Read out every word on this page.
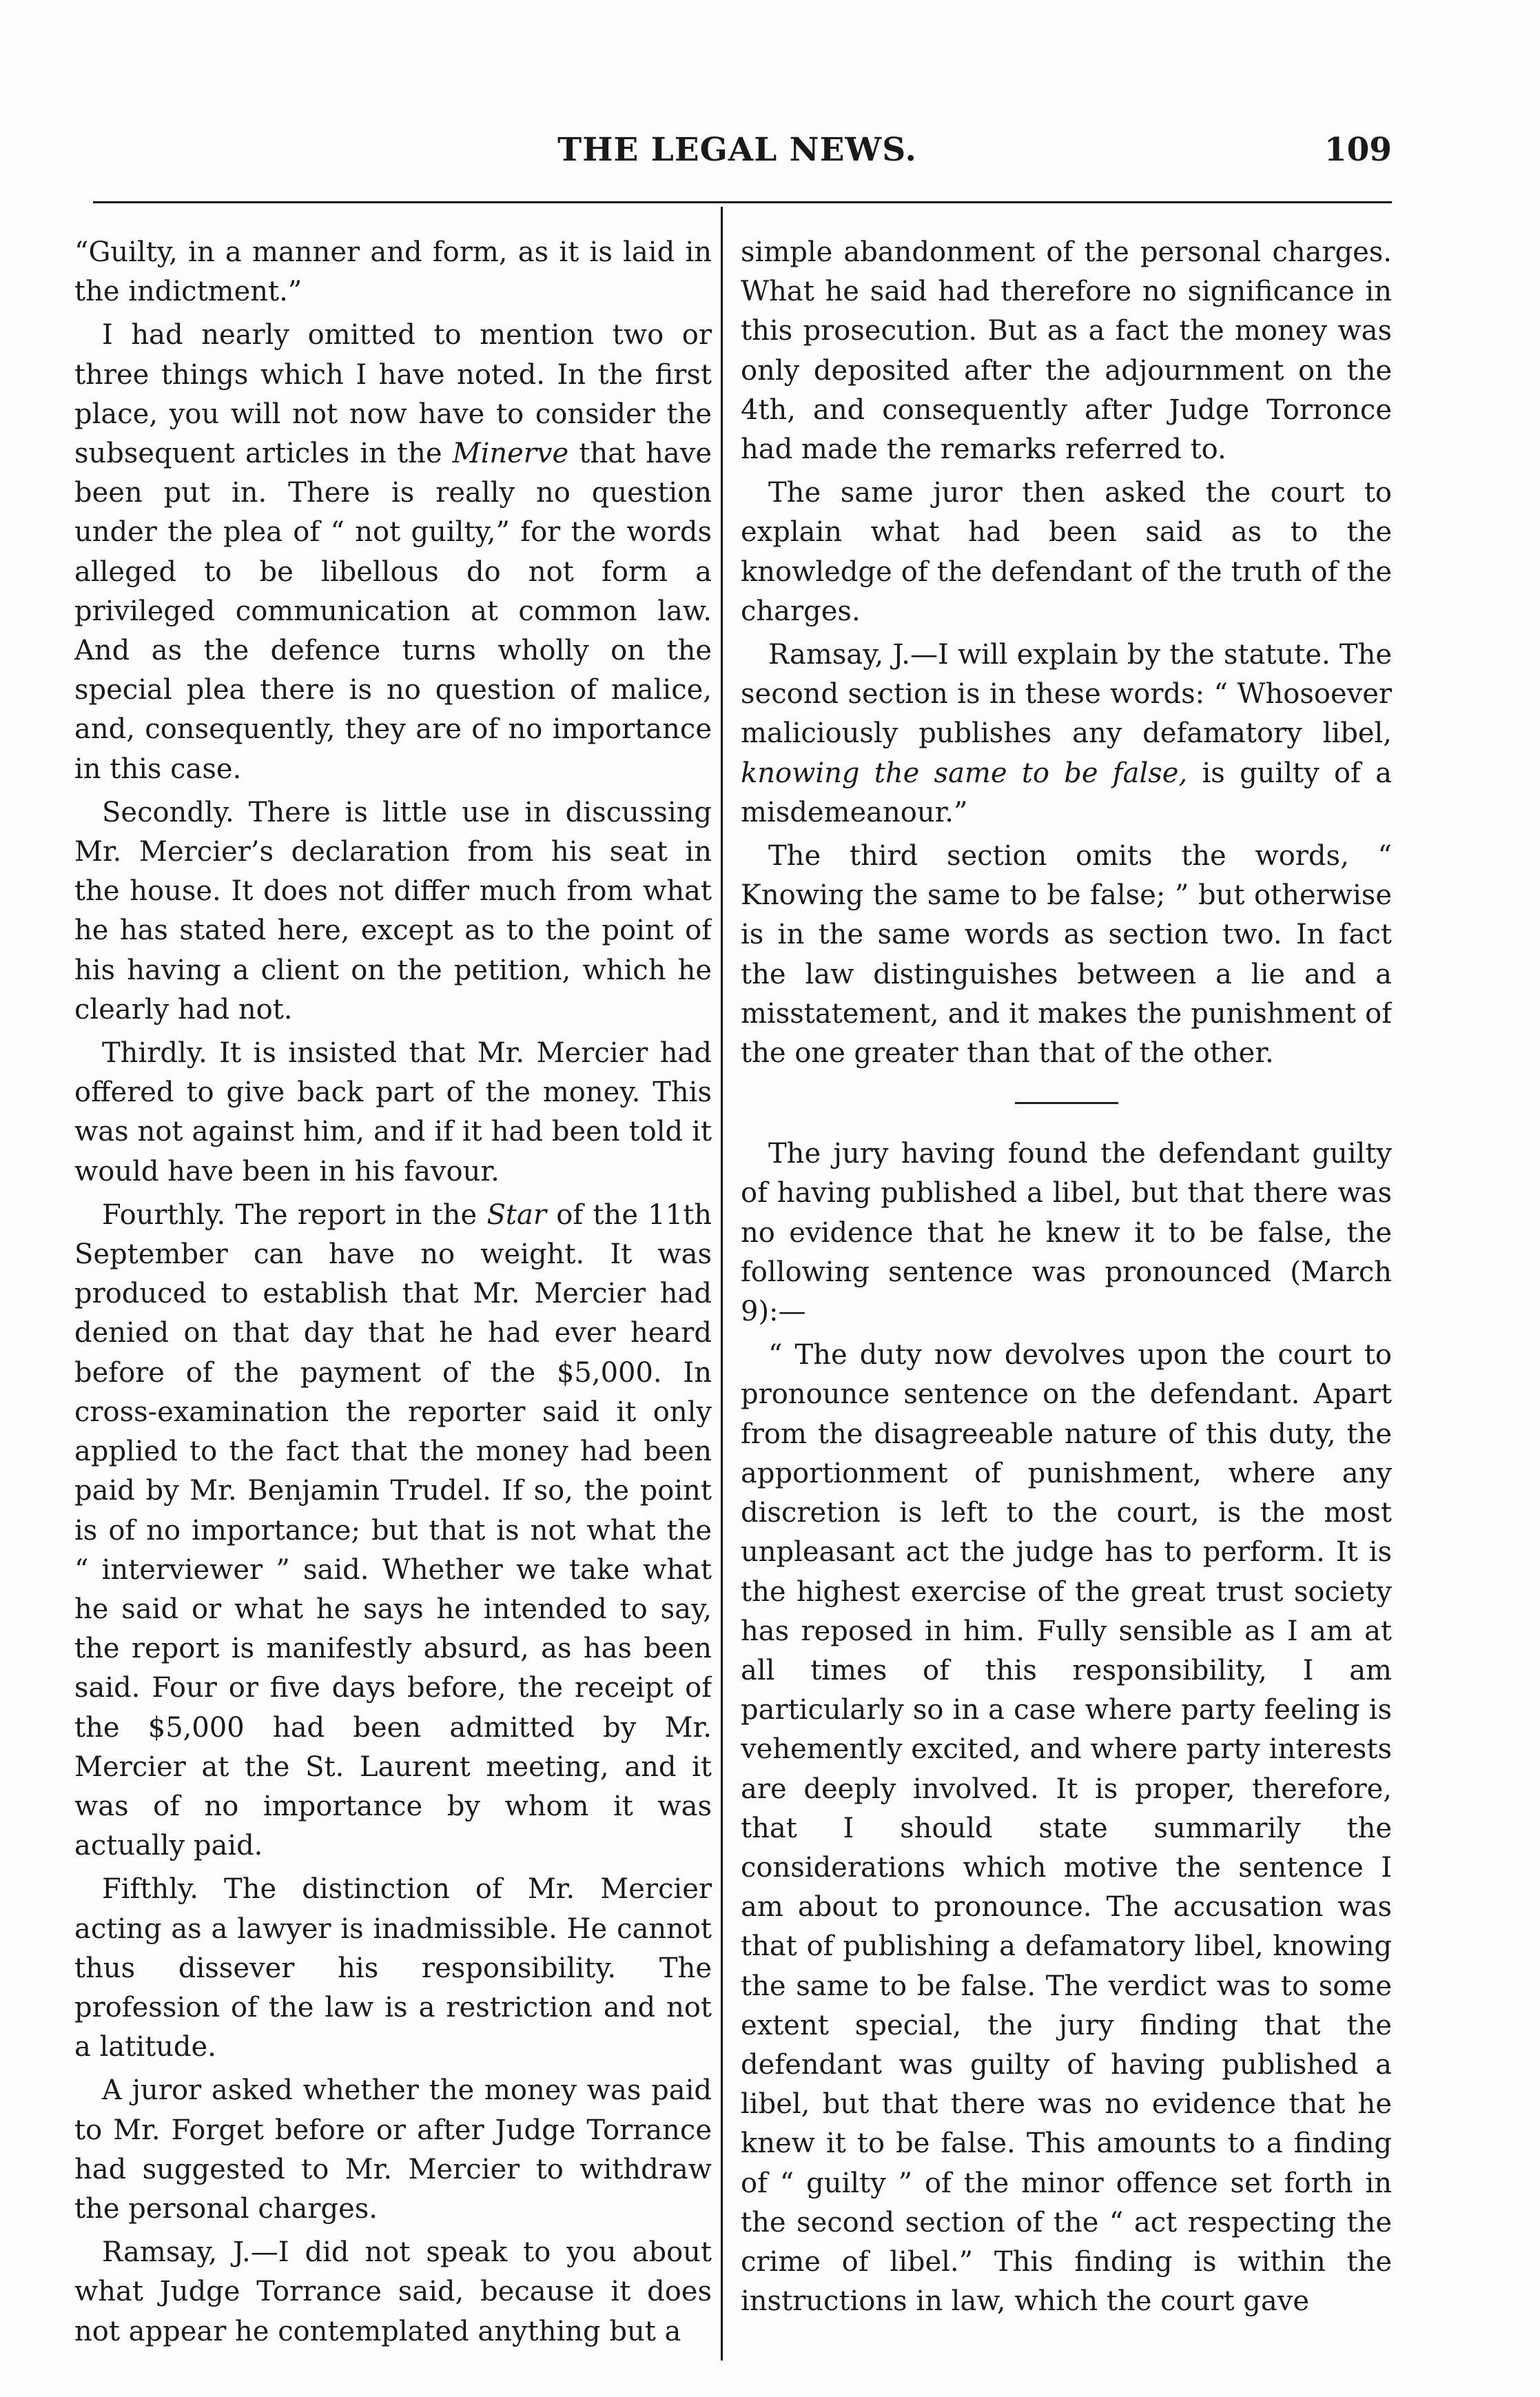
THE LEGAL NEWS.	109

“Guilty, in a manner and form, as it is laid in the indictment.”

I had nearly omitted to mention two or three things which I have noted. In the first place, you will not now have to consider the subsequent articles in the Minerve that have been put in. There is really no question under the plea of “ not guilty,” for the words alleged to be libellous do not form a privileged communication at common law. And as the defence turns wholly on the special plea there is no question of malice, and, consequently, they are of no importance in this case.

Secondly. There is little use in discussing Mr. Mercier’s declaration from his seat in the house. It does not differ much from what he has stated here, except as to the point of his having a client on the petition, which he clearly had not.

Thirdly. It is insisted that Mr. Mercier had offered to give back part of the money. This was not against him, and if it had been told it would have been in his favour.

Fourthly. The report in the Star of the 11th September can have no weight. It was produced to establish that Mr. Mercier had denied on that day that he had ever heard before of the payment of the $5,000. In cross-examination the reporter said it only applied to the fact that the money had been paid by Mr. Benjamin Trudel. If so, the point is of no importance; but that is not what the “ interviewer ” said. Whether we take what he said or what he says he intended to say, the report is manifestly absurd, as has been said. Four or five days before, the receipt of the $5,000 had been admitted by Mr. Mercier at the St. Laurent meeting, and it was of no importance by whom it was actually paid.

Fifthly. The distinction of Mr. Mercier acting as a lawyer is inadmissible. He cannot thus dissever his responsibility. The profession of the law is a restriction and not a latitude.

A juror asked whether the money was paid to Mr. Forget before or after Judge Torrance had suggested to Mr. Mercier to withdraw the personal charges.

Ramsay, J.—I did not speak to you about what Judge Torrance said, because it does not appear he contemplated anything but a

simple abandonment of the personal charges. What he said had therefore no significance in this prosecution. But as a fact the money was only deposited after the adjournment on the 4th, and consequently after Judge Torronce had made the remarks referred to.

The same juror then asked the court to explain what had been said as to the knowledge of the defendant of the truth of the charges.

Ramsay, J.—I will explain by the statute. The second section is in these words: “ Whosoever maliciously publishes any defamatory libel, knowing the same to be false, is guilty of a misdemeanour.”

The third section omits the words, “ Knowing the same to be false; ” but otherwise is in the same words as section two. In fact the law distinguishes between a lie and a misstatement, and it makes the punishment of the one greater than that of the other.

The jury having found the defendant guilty of having published a libel, but that there was no evidence that he knew it to be false, the following sentence was pronounced (March 9):—

“ The duty now devolves upon the court to pronounce sentence on the defendant. Apart from the disagreeable nature of this duty, the apportionment of punishment, where any discretion is left to the court, is the most unpleasant act the judge has to perform. It is the highest exercise of the great trust society has reposed in him. Fully sensible as I am at all times of this responsibility, I am particularly so in a case where party feeling is vehemently excited, and where party interests are deeply involved. It is proper, therefore, that I should state summarily the considerations which motive the sentence I am about to pronounce. The accusation was that of publishing a defamatory libel, knowing the same to be false. The verdict was to some extent special, the jury finding that the defendant was guilty of having published a libel, but that there was no evidence that he knew it to be false. This amounts to a finding of “ guilty ” of the minor offence set forth in the second section of the “ act respecting the crime of libel.” This finding is within the instructions in law, which the court gave
